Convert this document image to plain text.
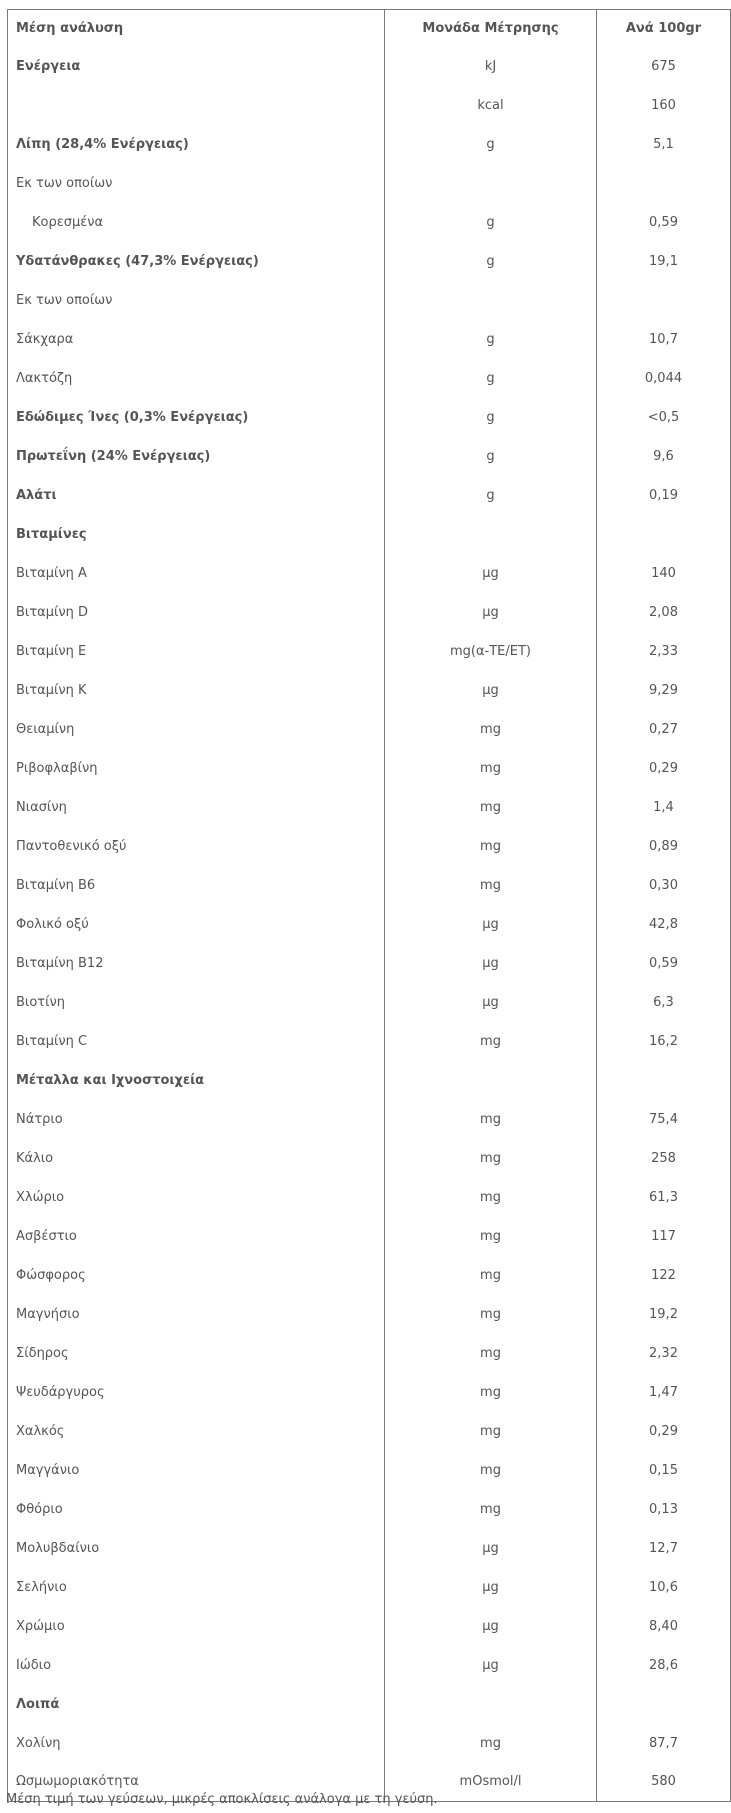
Μέση ανάλυση	Μονάδα Μέτρησης	Ανά 100gr
Ενέργεια	kJ	675
	kcal	160
Λίπη (28,4% Ενέργειας)	g	5,1
Εκ των οποίων		
Κορεσμένα	g	0,59
Υδατάνθρακες (47,3% Ενέργειας)	g	19,1
Εκ των οποίων		
Σάκχαρα	g	10,7
Λακτόζη	g	0,044
Εδώδιμες Ίνες (0,3% Ενέργειας)	g	<0,5
Πρωτεΐνη (24% Ενέργειας)	g	9,6
Αλάτι	g	0,19
Βιταμίνες		
Βιταμίνη A	μg	140
Βιταμίνη D	μg	2,08
Βιταμίνη E	mg(α-TE/ET)	2,33
Βιταμίνη K	μg	9,29
Θειαμίνη	mg	0,27
Ριβοφλαβίνη	mg	0,29
Νιασίνη	mg	1,4
Παντοθενικό οξύ	mg	0,89
Βιταμίνη B6	mg	0,30
Φολικό οξύ	μg	42,8
Βιταμίνη B12	μg	0,59
Βιοτίνη	μg	6,3
Βιταμίνη C	mg	16,2
Μέταλλα και Ιχνοστοιχεία		
Νάτριο	mg	75,4
Κάλιο	mg	258
Χλώριο	mg	61,3
Ασβέστιο	mg	117
Φώσφορος	mg	122
Μαγνήσιο	mg	19,2
Σίδηρος	mg	2,32
Ψευδάργυρος	mg	1,47
Χαλκός	mg	0,29
Μαγγάνιο	mg	0,15
Φθόριο	mg	0,13
Μολυβδαίνιο	μg	12,7
Σελήνιο	μg	10,6
Χρώμιο	μg	8,40
Ιώδιο	μg	28,6
Λοιπά		
Χολίνη	mg	87,7
Ωσμωμοριακότητα	mOsmol/l	580
Μέση τιμή των γεύσεων, μικρές αποκλίσεις ανάλογα με τη γεύση.
